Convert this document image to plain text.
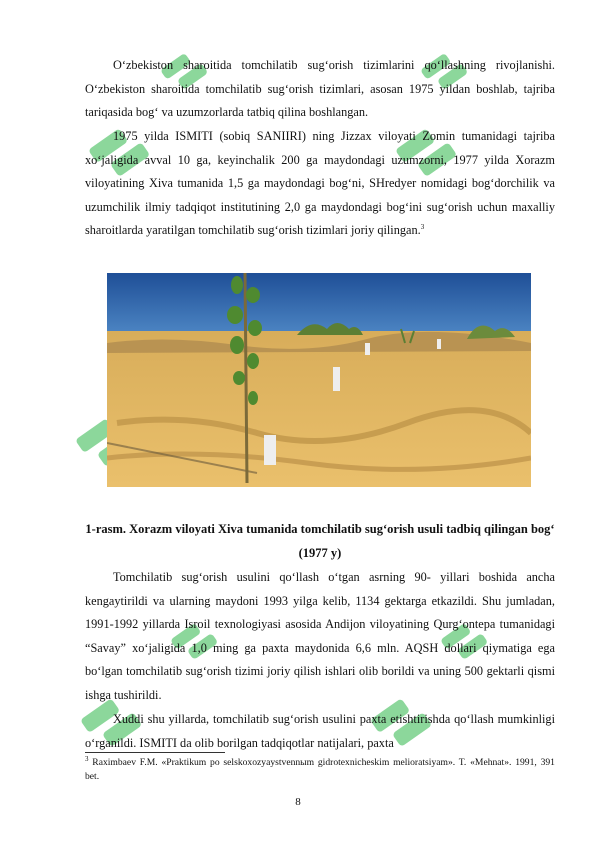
O‘zbekiston sharoitida tomchilatib sug‘orish tizimlarini qo‘llashning rivojlanishi. O‘zbekiston sharoitida tomchilatib sug‘orish tizimlari, asosan 1975 yildan boshlab, tajriba tariqasida bog‘ va uzumzorlarda tatbiq qilina boshlangan.

1975 yilda ISMITI (sobiq SANIIRI) ning Jizzax viloyati Zomin tumanidagi tajriba xo‘jaligida avval 10 ga, keyinchalik 200 ga maydondagi uzumzorni, 1977 yilda Xorazm viloyatining Xiva tumanida 1,5 ga maydondagi bog‘ni, SHredyer nomidagi bog‘dorchilik va uzumchilik ilmiy tadqiqot institutining 2,0 ga maydondagi bog‘ini sug‘orish uchun maxalliy sharoitlarda yaratilgan tomchilatib sug‘orish tizimlari joriy qilingan.$^3$

1-rasm. Xorazm viloyati Xiva tumanida tomchilatib sug‘orish usuli tadbiq qilingan bog‘ (1977 y)

Tomchilatib sug‘orish usulini qo‘llash o‘tgan asrning 90- yillari boshida ancha kengaytirildi va ularning maydoni 1993 yilga kelib, 1134 gektarga etkazildi. Shu jumladan, 1991-1992 yillarda Isroil texnologiyasi asosida Andijon viloyatining Qurg‘ontepa tumanidagi “Savay” xo‘jaligida 1,0 ming ga paxta maydonida 6,6 mln. AQSH dollari qiymatiga ega bo‘lgan tomchilatib sug‘orish tizimi joriy qilish ishlari olib borildi va uning 500 gektarli qismi ishga tushirildi.

Xuddi shu yillarda, tomchilatib sug‘orish usulini paxta etishtirishda qo‘llash mumkinligi o‘rganildi. ISMITI da olib borilgan tadqiqotlar natijalari, paxta

$^3$ Raximbaev F.M. «Praktikum po selskoxozyaystvennыm gidrotexnicheskim melioratsiyam». T. «Mehnat». 1991, 391 bet.

8
